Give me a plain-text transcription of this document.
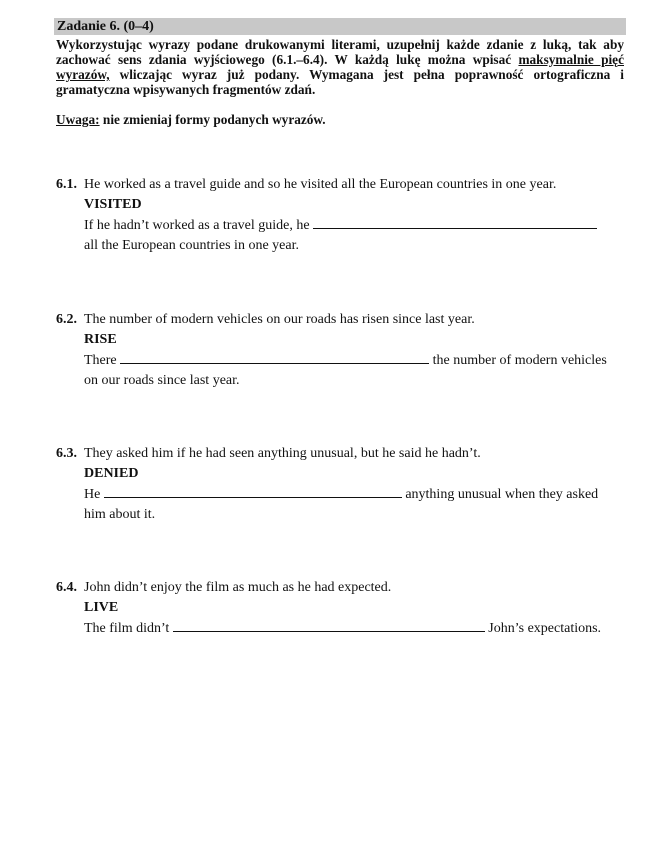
Zadanie 6. (0–4)
Wykorzystując wyrazy podane drukowanymi literami, uzupełnij każde zdanie z luką, tak aby zachować sens zdania wyjściowego (6.1.–6.4). W każdą lukę można wpisać maksymalnie pięć wyrazów, wliczając wyraz już podany. Wymagana jest pełna poprawność ortograficzna i gramatyczna wpisywanych fragmentów zdań.
Uwaga: nie zmieniaj formy podanych wyrazów.
6.1. He worked as a travel guide and so he visited all the European countries in one year.
VISITED
If he hadn’t worked as a travel guide, he
all the European countries in one year.
6.2. The number of modern vehicles on our roads has risen since last year.
RISE
There	the number of modern vehicles
on our roads since last year.
6.3. They asked him if he had seen anything unusual, but he said he hadn’t.
DENIED
He	anything unusual when they asked
him about it.
6.4. John didn’t enjoy the film as much as he had expected.
LIVE
The film didn’t	John’s expectations.
